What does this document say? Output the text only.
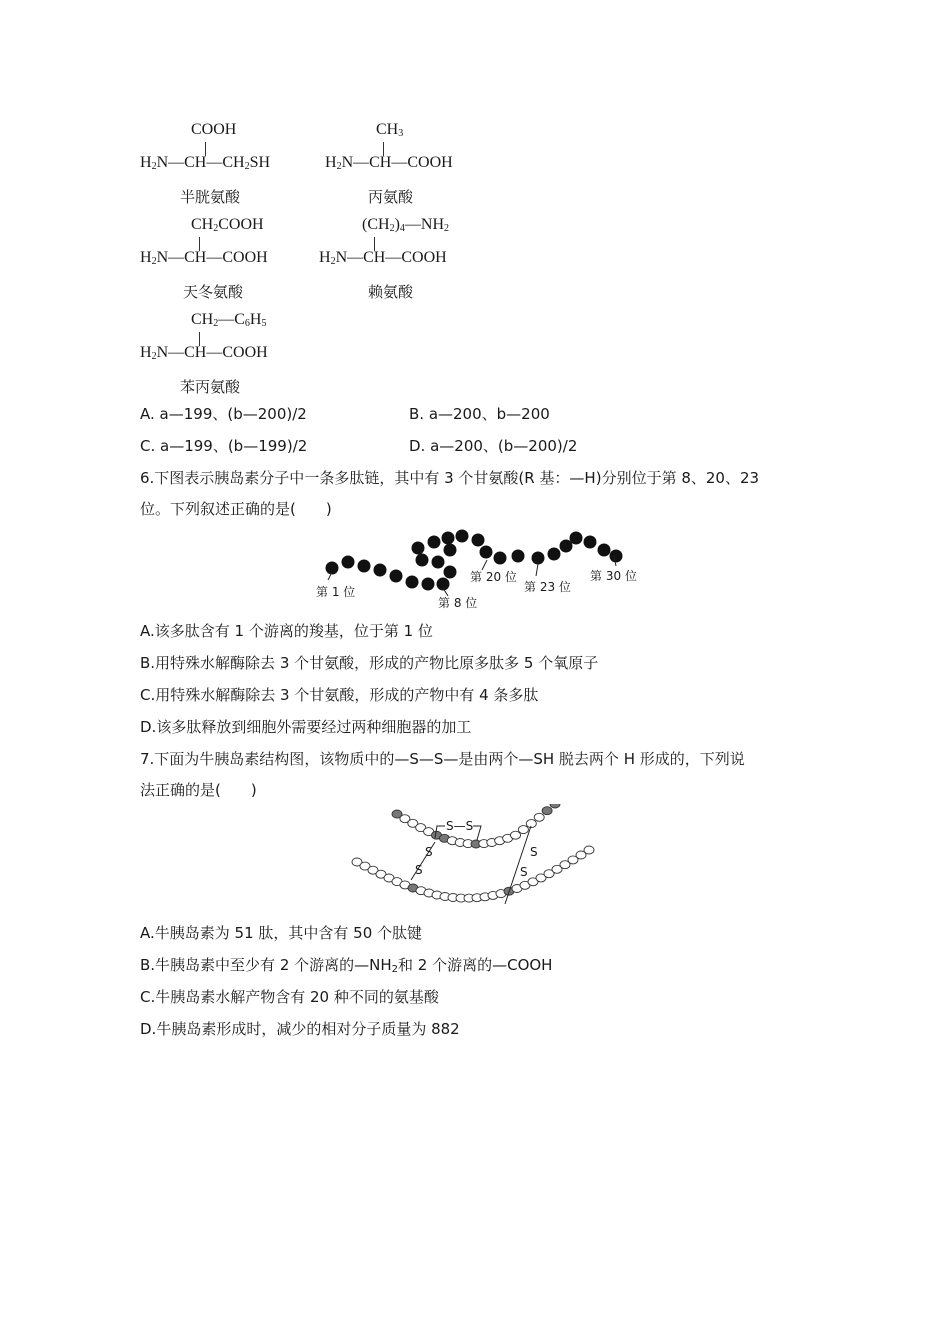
COOH
$H_2N—CH—CH_2SH$
半胱氨酸
$CH_3$
$H_2N—CH—COOH$
丙氨酸
$CH_2COOH$
$H_2N—CH—COOH$
天冬氨酸
$(CH_2)_4—NH_2$
$H_2N—CH—COOH$
赖氨酸
$CH_2—C_6H_5$
$H_2N—CH—COOH$
苯丙氨酸
A. a—199、(b—200)/2	B. a—200、b—200
C. a—199、(b—199)/2	D. a—200、(b—200)/2
6.下图表示胰岛素分子中一条多肽链，其中有 3 个甘氨酸(R 基：—H)分别位于第 8、20、23
位。下列叙述正确的是(　　)
第 1 位
第 8 位
第 20 位
第 23 位
第 30 位
A.该多肽含有 1 个游离的羧基，位于第 1 位
B.用特殊水解酶除去 3 个甘氨酸，形成的产物比原多肽多 5 个氧原子
C.用特殊水解酶除去 3 个甘氨酸，形成的产物中有 4 条多肽
D.该多肽释放到细胞外需要经过两种细胞器的加工
7.下面为牛胰岛素结构图，该物质中的—S—S—是由两个—SH 脱去两个 H 形成的，下列说
法正确的是(　　)
S—S
S
S
S
S
A.牛胰岛素为 51 肽，其中含有 50 个肽键
B.牛胰岛素中至少有 2 个游离的$—NH_2$和 2 个游离的—COOH
C.牛胰岛素水解产物含有 20 种不同的氨基酸
D.牛胰岛素形成时，减少的相对分子质量为 882
